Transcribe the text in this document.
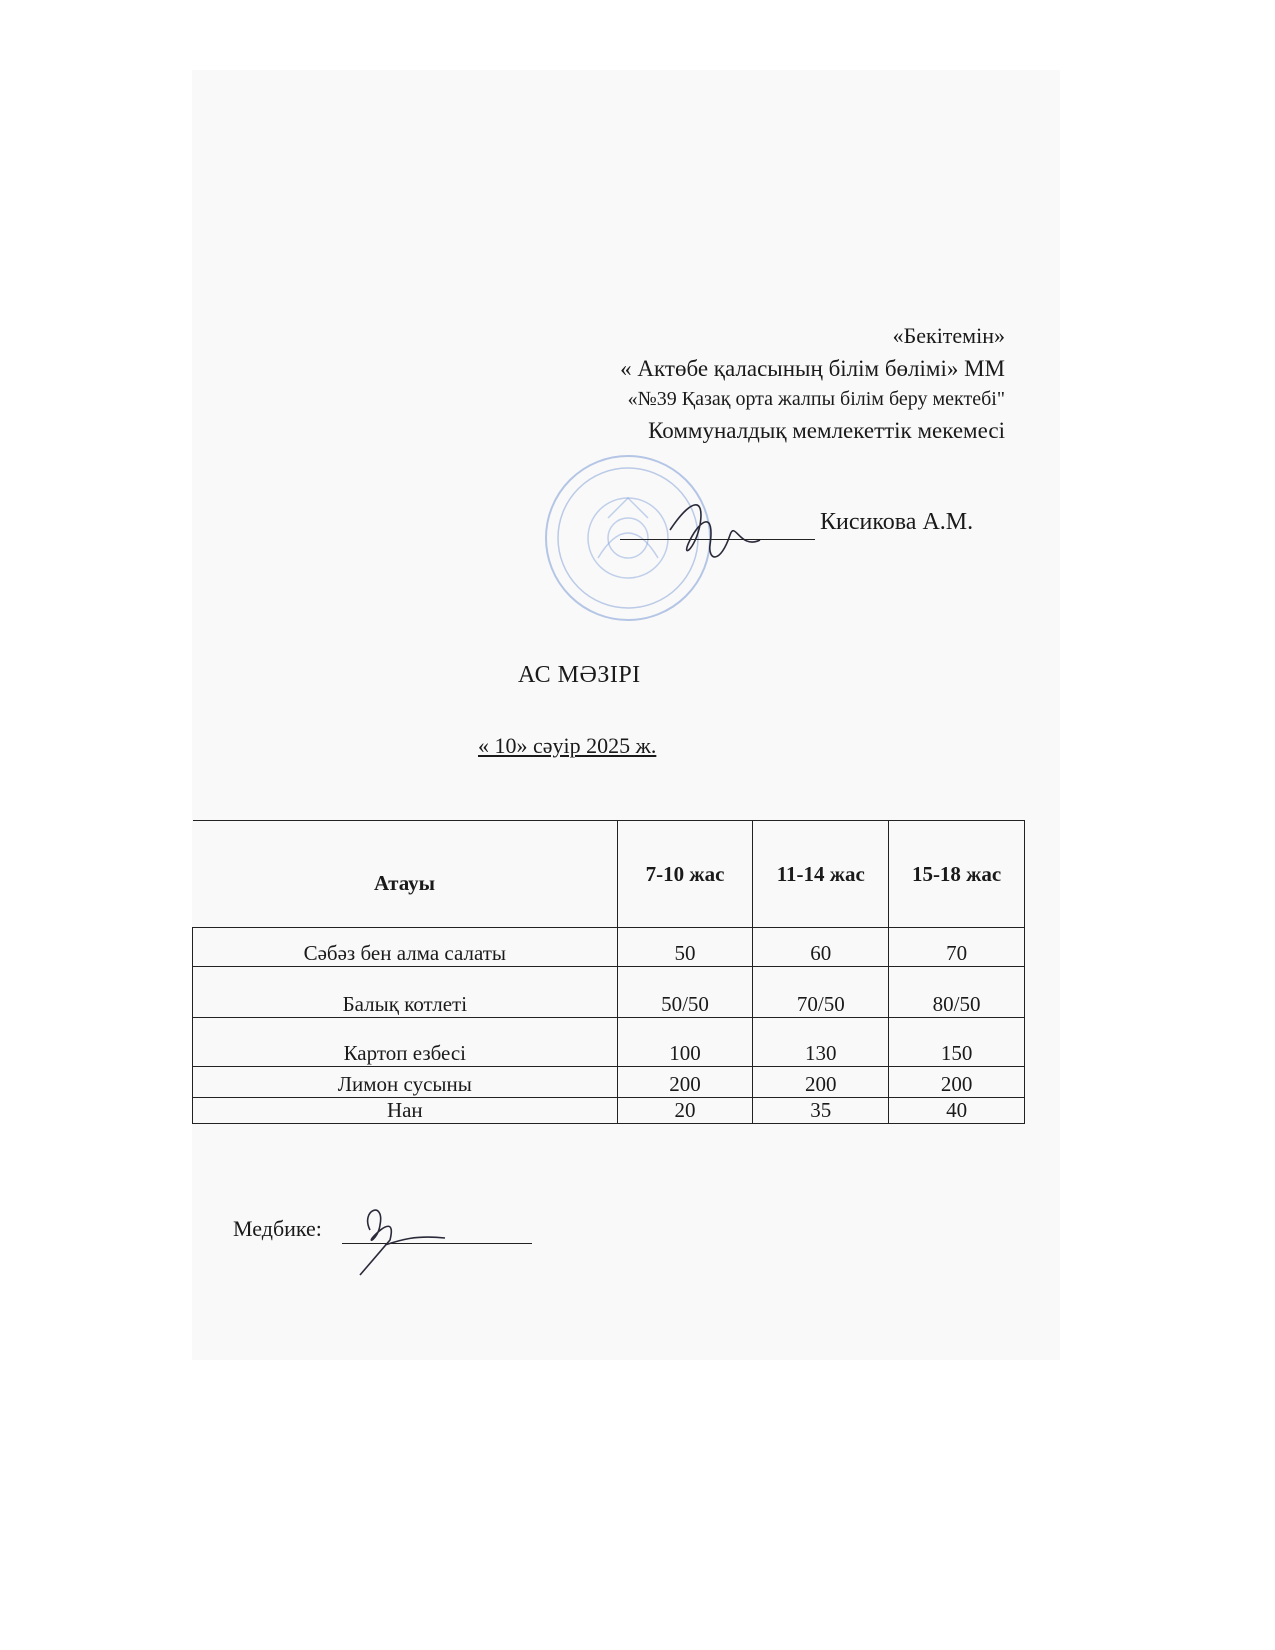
«Бекітемін»
« Актөбе қаласының білім бөлімі» ММ
«№39 Қазақ орта жалпы білім беру мектебі"
Коммуналдық мемлекеттік мекемесі
Кисикова А.М.
АС МӘЗІРІ
« 10» сәуір 2025 ж.
Атауы	7-10 жас	11-14 жас	15-18 жас
Сәбәз бен алма салаты	50	60	70
Балық котлеті	50/50	70/50	80/50
Картоп езбесі	100	130	150
Лимон сусыны	200	200	200
Нан	20	35	40
Медбике:
